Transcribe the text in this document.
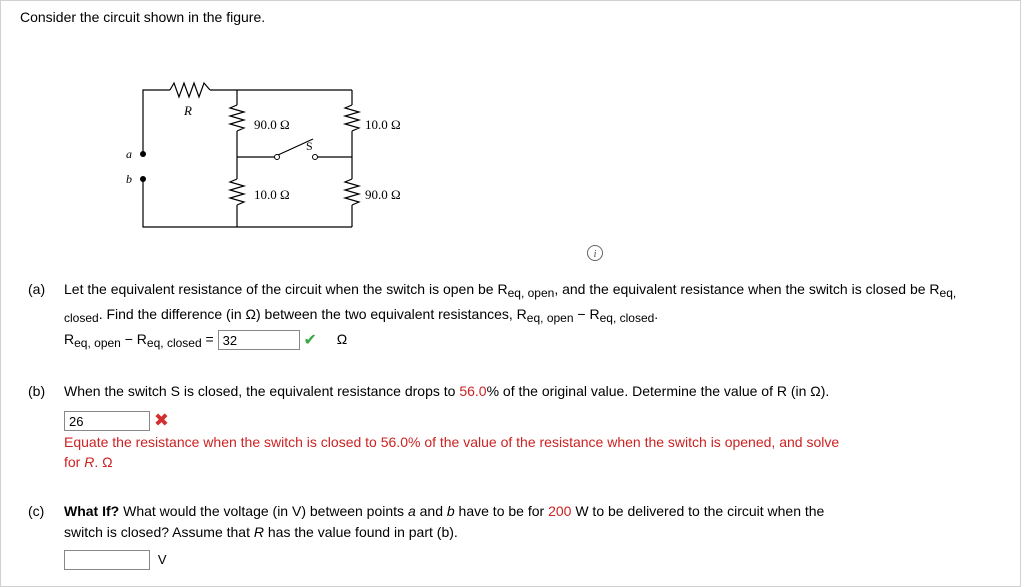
Consider the circuit shown in the figure.
R
90.0 Ω	10.0 Ω
S
10.0 Ω	90.0 Ω
a
b
i
(a) Let the equivalent resistance of the circuit when the switch is open be Req, open, and the equivalent resistance when the switch is closed be Req, closed. Find the difference (in Ω) between the two equivalent resistances, Req, open − Req, closed.
Req, open − Req, closed = 32	✔ Ω
(b) When the switch S is closed, the equivalent resistance drops to 56.0% of the original value. Determine the value of R (in Ω).
26	✖
Equate the resistance when the switch is closed to 56.0% of the value of the resistance when the switch is opened, and solve
for R. Ω
(c) What If? What would the voltage (in V) between points a and b have to be for 200 W to be delivered to the circuit when the
switch is closed? Assume that R has the value found in part (b).
V
